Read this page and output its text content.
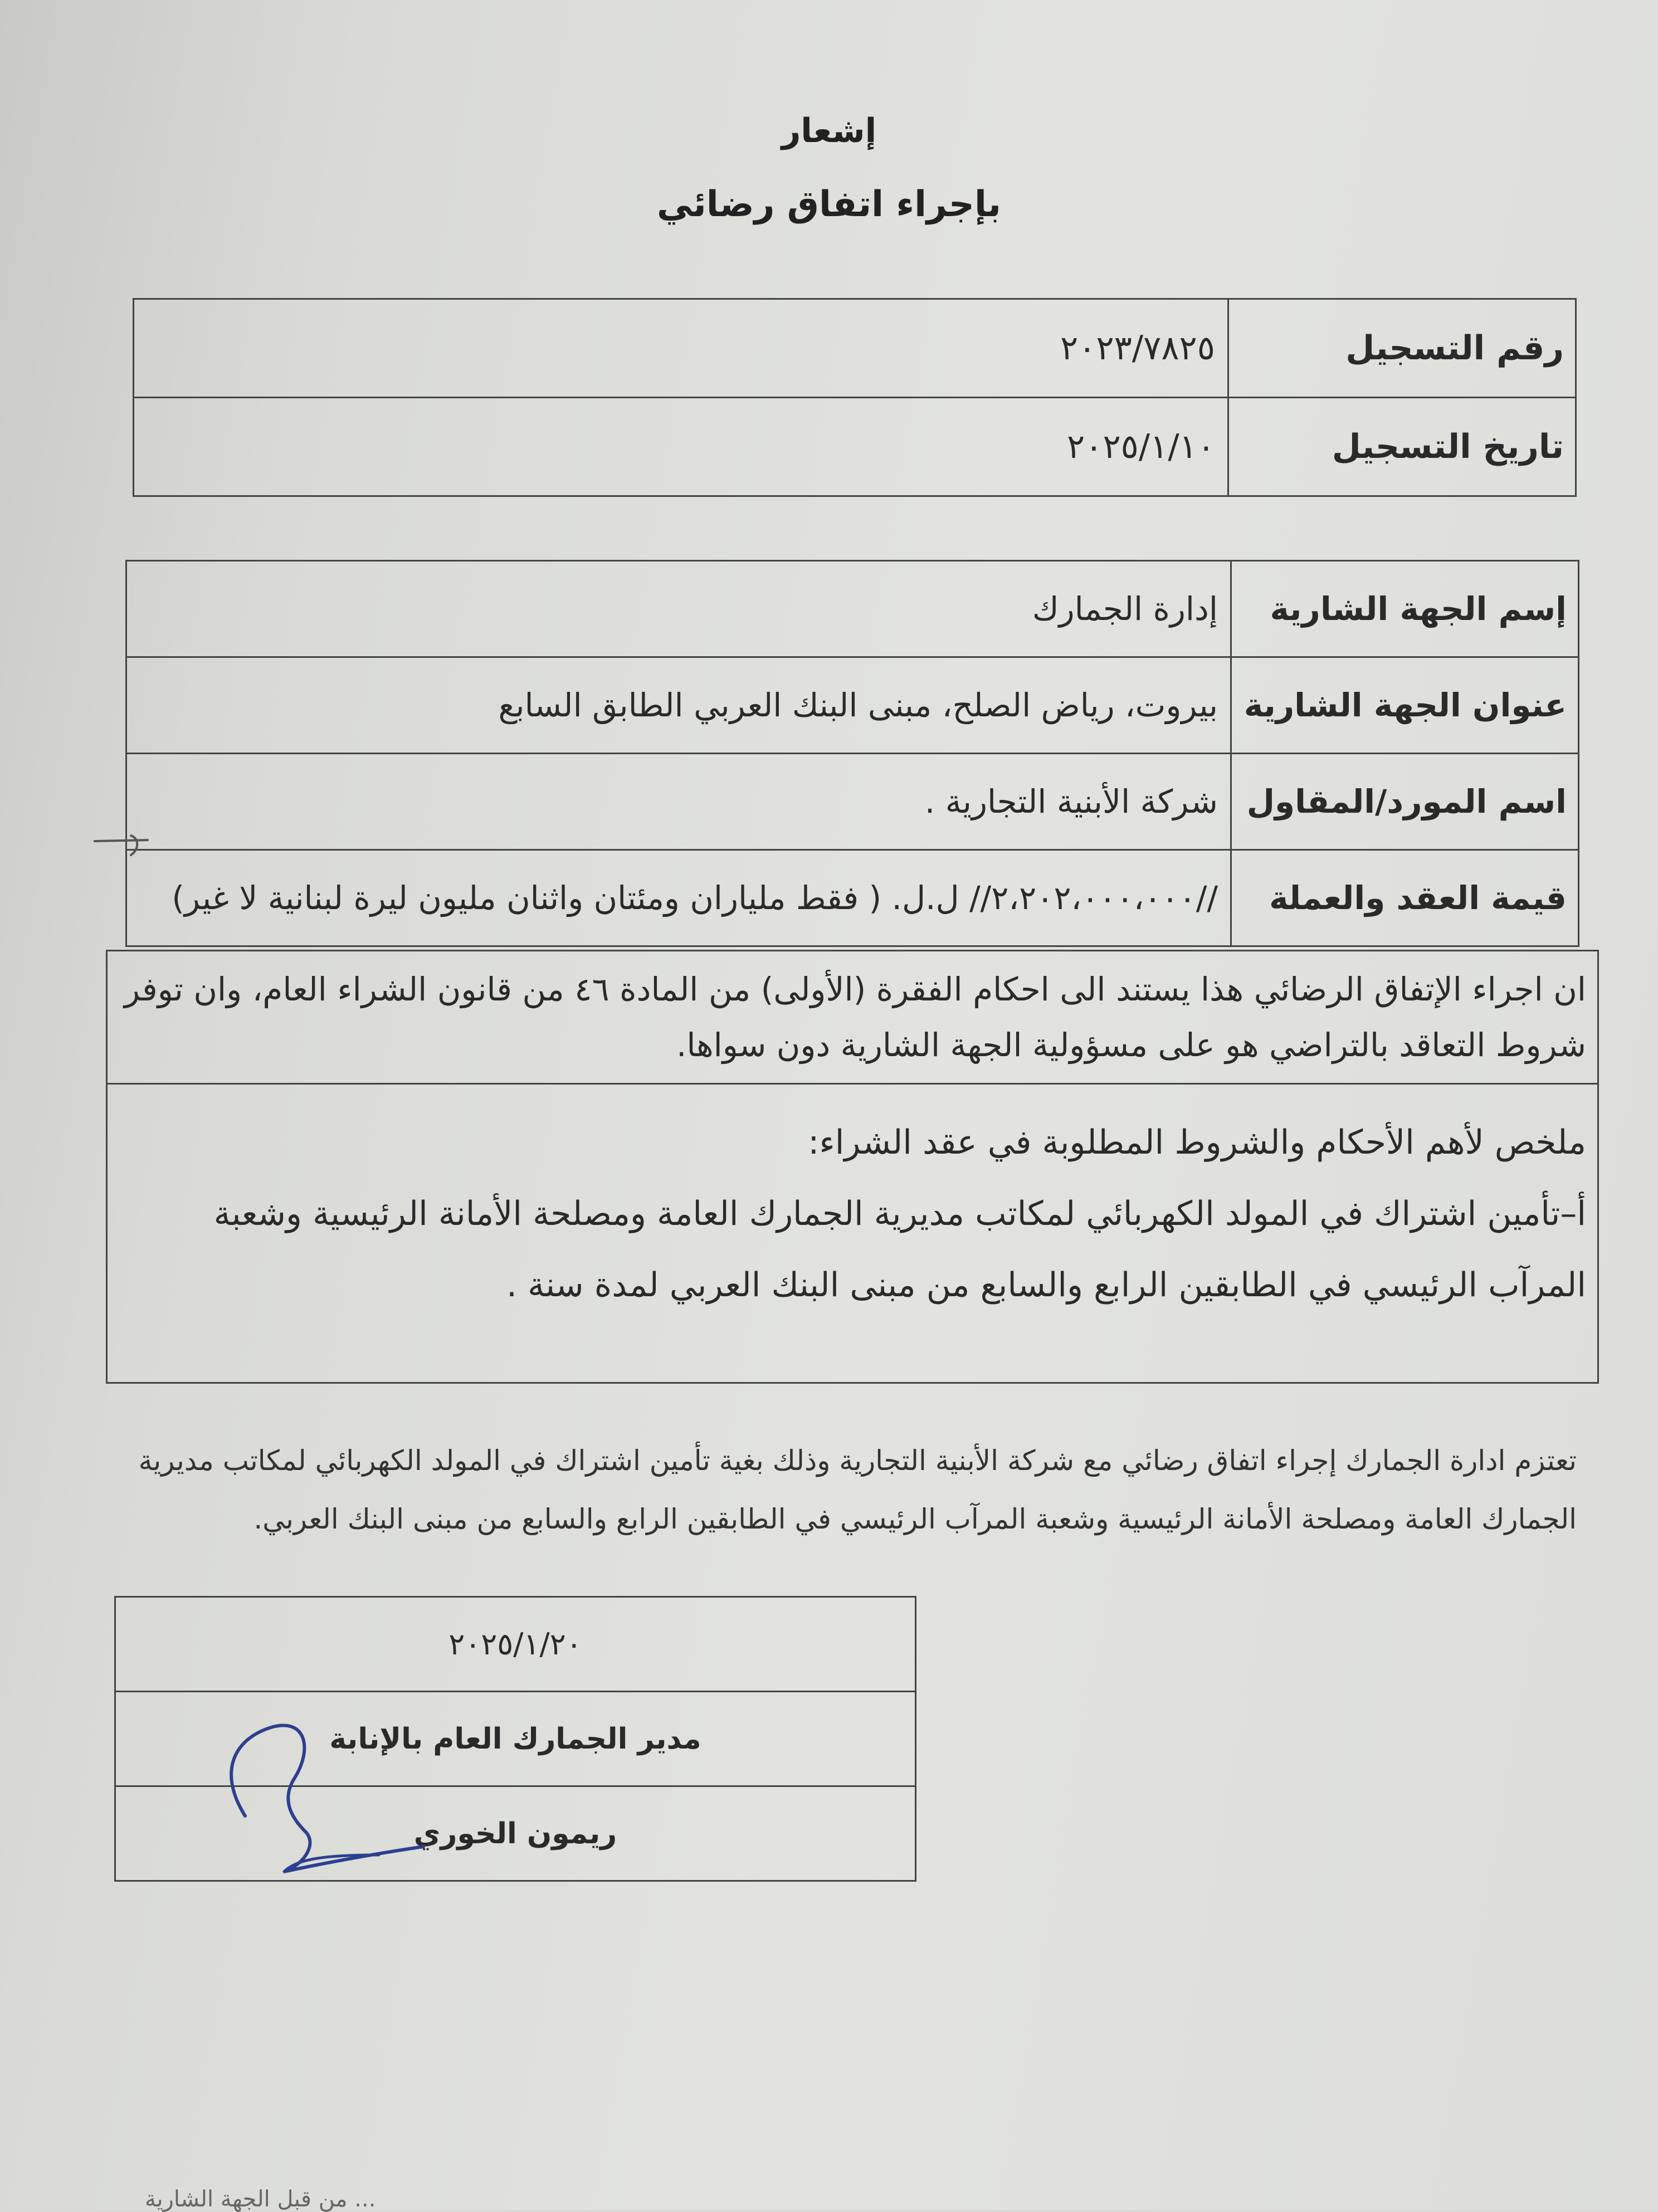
إشعار
بإجراء اتفاق رضائي
رقم التسجيل	٢٠٢٣/٧٨٢٥
تاريخ التسجيل	٢٠٢٥/١/١٠
إسم الجهة الشارية	إدارة الجمارك
عنوان الجهة الشارية	بيروت، رياض الصلح، مبنى البنك العربي الطابق السابع
اسم المورد/المقاول	شركة الأبنية التجارية .
قيمة العقد والعملة	//٢،٢٠٢،٠٠٠،٠٠٠// ل.ل. ( فقط ملياران ومئتان واثنان مليون ليرة لبنانية لا غير)
ان اجراء الإتفاق الرضائي هذا يستند الى احكام الفقرة (الأولى) من المادة ٤٦ من قانون الشراء العام، وان توفر شروط التعاقد بالتراضي هو على مسؤولية الجهة الشارية دون سواها.

ملخص لأهم الأحكام والشروط المطلوبة في عقد الشراء:
أ–تأمين اشتراك في المولد الكهربائي لمكاتب مديرية الجمارك العامة ومصلحة الأمانة الرئيسية وشعبة المرآب الرئيسي في الطابقين الرابع والسابع من مبنى البنك العربي لمدة سنة .
تعتزم ادارة الجمارك إجراء اتفاق رضائي مع شركة الأبنية التجارية وذلك بغية تأمين اشتراك في المولد الكهربائي لمكاتب مديرية الجمارك العامة ومصلحة الأمانة الرئيسية وشعبة المرآب الرئيسي في الطابقين الرابع والسابع من مبنى البنك العربي.
٢٠٢٥/١/٢٠
مدير الجمارك العام بالإنابة
ريمون الخوري
... من قبل الجهة الشارية
